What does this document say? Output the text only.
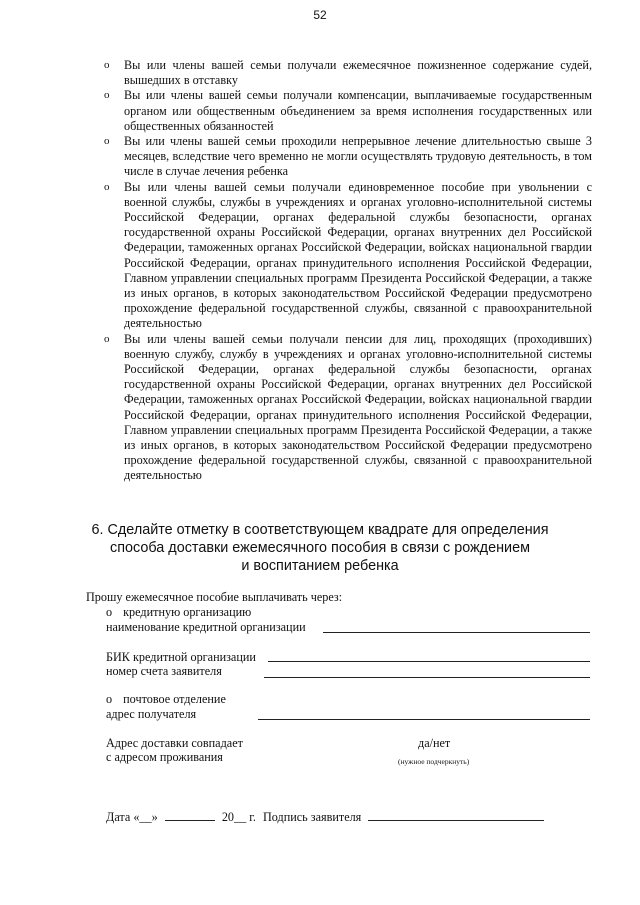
52
o Вы или члены вашей семьи получали ежемесячное пожизненное содержание судей, вышедших в отставку
o Вы или члены вашей семьи получали компенсации, выплачиваемые государственным органом или общественным объединением за время исполнения государственных или общественных обязанностей
o Вы или члены вашей семьи проходили непрерывное лечение длительностью свыше 3 месяцев, вследствие чего временно не могли осуществлять трудовую деятельность, в том числе в случае лечения ребенка
o Вы или члены вашей семьи получали единовременное пособие при увольнении с военной службы, службы в учреждениях и органах уголовно-исполнительной системы Российской Федерации, органах федеральной службы безопасности, органах государственной охраны Российской Федерации, органах внутренних дел Российской Федерации, таможенных органах Российской Федерации, войсках национальной гвардии Российской Федерации, органах принудительного исполнения Российской Федерации, Главном управлении специальных программ Президента Российской Федерации, а также из иных органов, в которых законодательством Российской Федерации предусмотрено прохождение федеральной государственной службы, связанной с правоохранительной деятельностью
o Вы или члены вашей семьи получали пенсии для лиц, проходящих (проходивших) военную службу, службу в учреждениях и органах уголовно-исполнительной системы Российской Федерации, органах федеральной службы безопасности, органах государственной охраны Российской Федерации, органах внутренних дел Российской Федерации, таможенных органах Российской Федерации, войсках национальной гвардии Российской Федерации, органах принудительного исполнения Российской Федерации, Главном управлении специальных программ Президента Российской Федерации, а также из иных органов, в которых законодательством Российской Федерации предусмотрено прохождение федеральной государственной службы, связанной с правоохранительной деятельностью
6. Сделайте отметку в соответствующем квадрате для определения
способа доставки ежемесячного пособия в связи с рождением
и воспитанием ребенка
Прошу ежемесячное пособие выплачивать через:
o кредитную организацию
наименование кредитной организации
БИК кредитной организации
номер счета заявителя
o почтовое отделение
адрес получателя
Адрес доставки совпадает
с адресом проживания
да/нет
(нужное подчеркнуть)
Дата «__»	20__ г. Подпись заявителя
